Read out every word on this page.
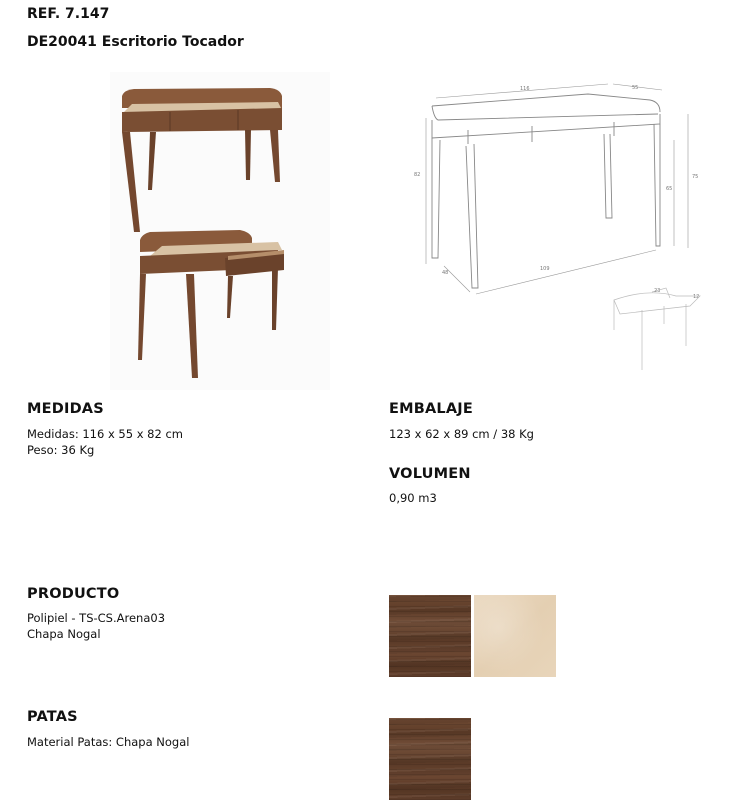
REF. 7.147
DE20041 Escritorio Tocador
116	55
82
65
75
48
109
23
12
MEDIDAS
Medidas: 116 x 55 x 82 cm
Peso: 36 Kg
EMBALAJE
123 x 62 x 89 cm / 38 Kg
VOLUMEN
0,90 m3
PRODUCTO
Polipiel - TS-CS.Arena03
Chapa Nogal
PATAS
Material Patas: Chapa Nogal
